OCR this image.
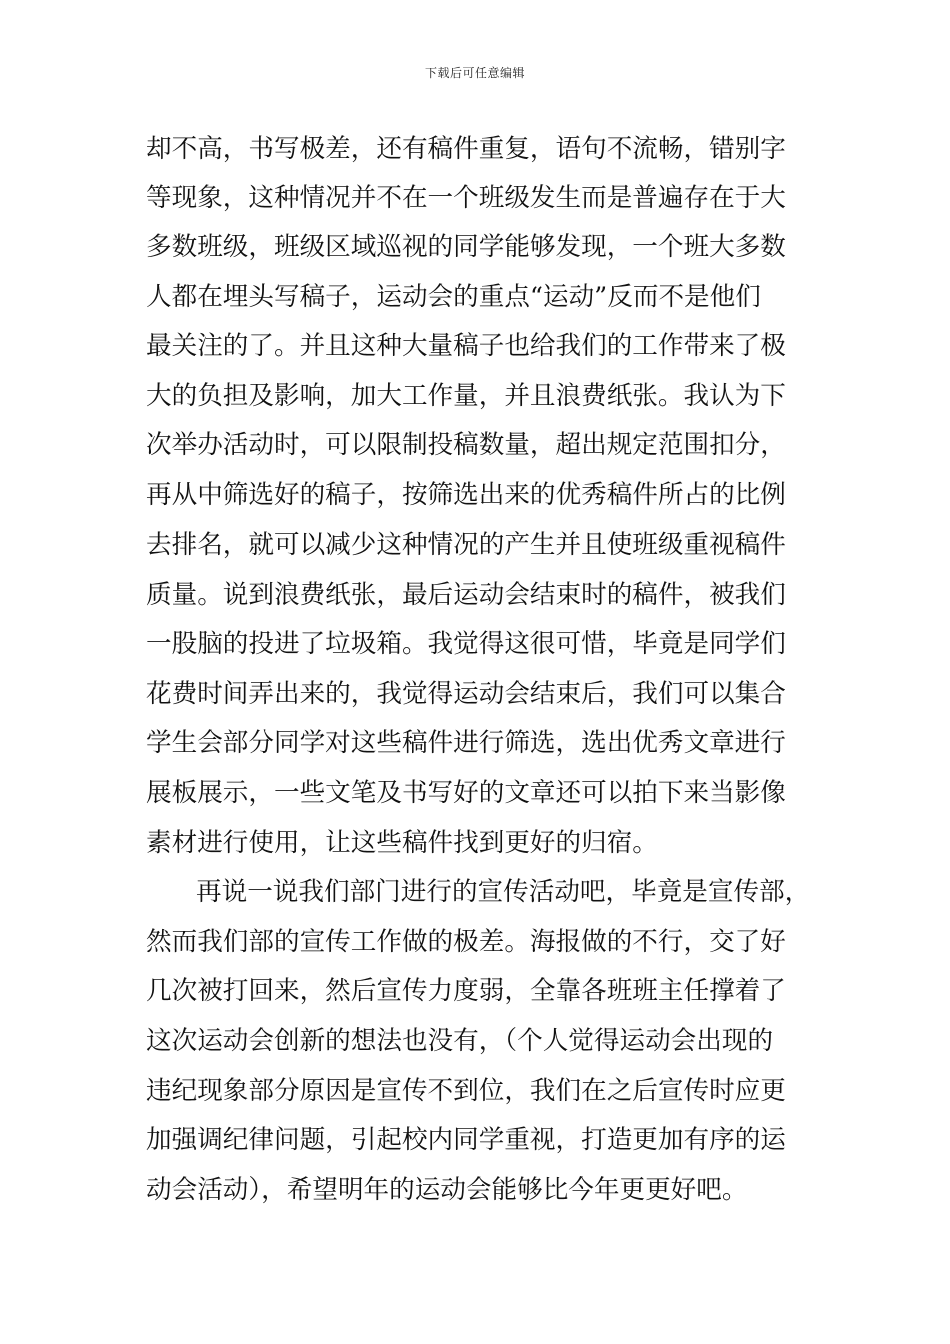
下载后可任意编辑
却不高，书写极差，还有稿件重复，语句不流畅，错别字
等现象，这种情况并不在一个班级发生而是普遍存在于大
多数班级，班级区域巡视的同学能够发现，一个班大多数
人都在埋头写稿子，运动会的重点“运动”反而不是他们
最关注的了。并且这种大量稿子也给我们的工作带来了极
大的负担及影响，加大工作量，并且浪费纸张。我认为下
次举办活动时，可以限制投稿数量，超出规定范围扣分，
再从中筛选好的稿子，按筛选出来的优秀稿件所占的比例
去排名，就可以减少这种情况的产生并且使班级重视稿件
质量。说到浪费纸张，最后运动会结束时的稿件，被我们
一股脑的投进了垃圾箱。我觉得这很可惜，毕竟是同学们
花费时间弄出来的，我觉得运动会结束后，我们可以集合
学生会部分同学对这些稿件进行筛选，选出优秀文章进行
展板展示，一些文笔及书写好的文章还可以拍下来当影像
素材进行使用，让这些稿件找到更好的归宿。
再说一说我们部门进行的宣传活动吧，毕竟是宣传部，
然而我们部的宣传工作做的极差。海报做的不行，交了好
几次被打回来，然后宣传力度弱，全靠各班班主任撑着了
这次运动会创新的想法也没有，（个人觉得运动会出现的
违纪现象部分原因是宣传不到位，我们在之后宣传时应更
加强调纪律问题，引起校内同学重视，打造更加有序的运
动会活动），希望明年的运动会能够比今年更更好吧。
